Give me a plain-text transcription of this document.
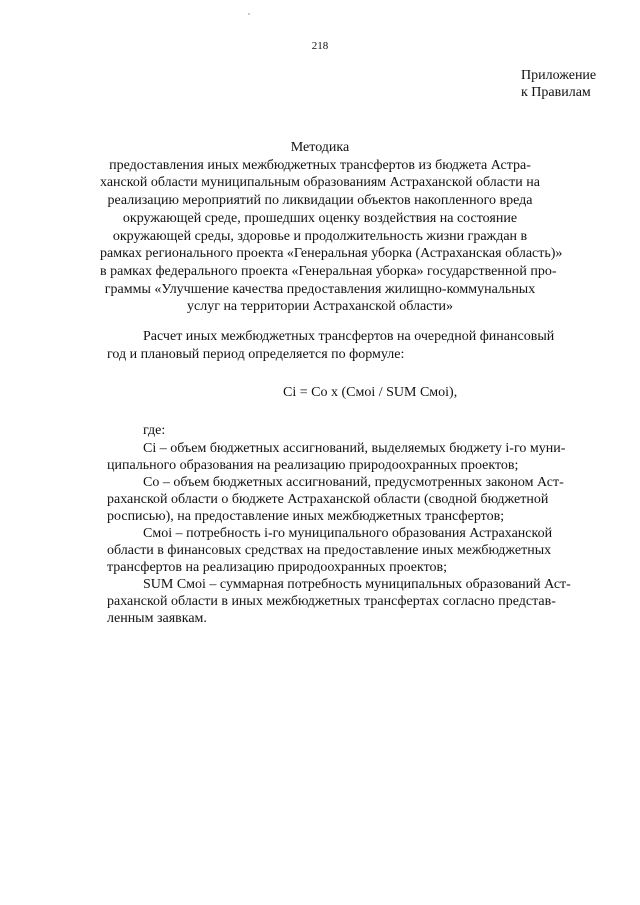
218
Приложение
к Правилам
Методика
предоставления иных межбюджетных трансфертов из бюджета Астра-
ханской области муниципальным образованиям Астраханской области на
реализацию мероприятий по ликвидации объектов накопленного вреда
окружающей среде, прошедших оценку воздействия на состояние
окружающей среды, здоровье и продолжительность жизни граждан в
рамках регионального проекта «Генеральная уборка (Астраханская область)»
в рамках федерального проекта «Генеральная уборка» государственной про-
граммы «Улучшение качества предоставления жилищно-коммунальных
услуг на территории Астраханской области»
Расчет иных межбюджетных трансфертов на очередной финансовый
год и плановый период определяется по формуле:
Ci = Co x (Cмoi / SUM Cмoi),
где:
Ci – объем бюджетных ассигнований, выделяемых бюджету i-го муни-
ципального образования на реализацию природоохранных проектов;
Co – объем бюджетных ассигнований, предусмотренных законом Аст-
раханской области о бюджете Астраханской области (сводной бюджетной
росписью), на предоставление иных межбюджетных трансфертов;
Cмoi – потребность i-го муниципального образования Астраханской
области в финансовых средствах на предоставление иных межбюджетных
трансфертов на реализацию природоохранных проектов;
SUM Cмoi – суммарная потребность муниципальных образований Аст-
раханской области в иных межбюджетных трансфертах согласно представ-
ленным заявкам.
